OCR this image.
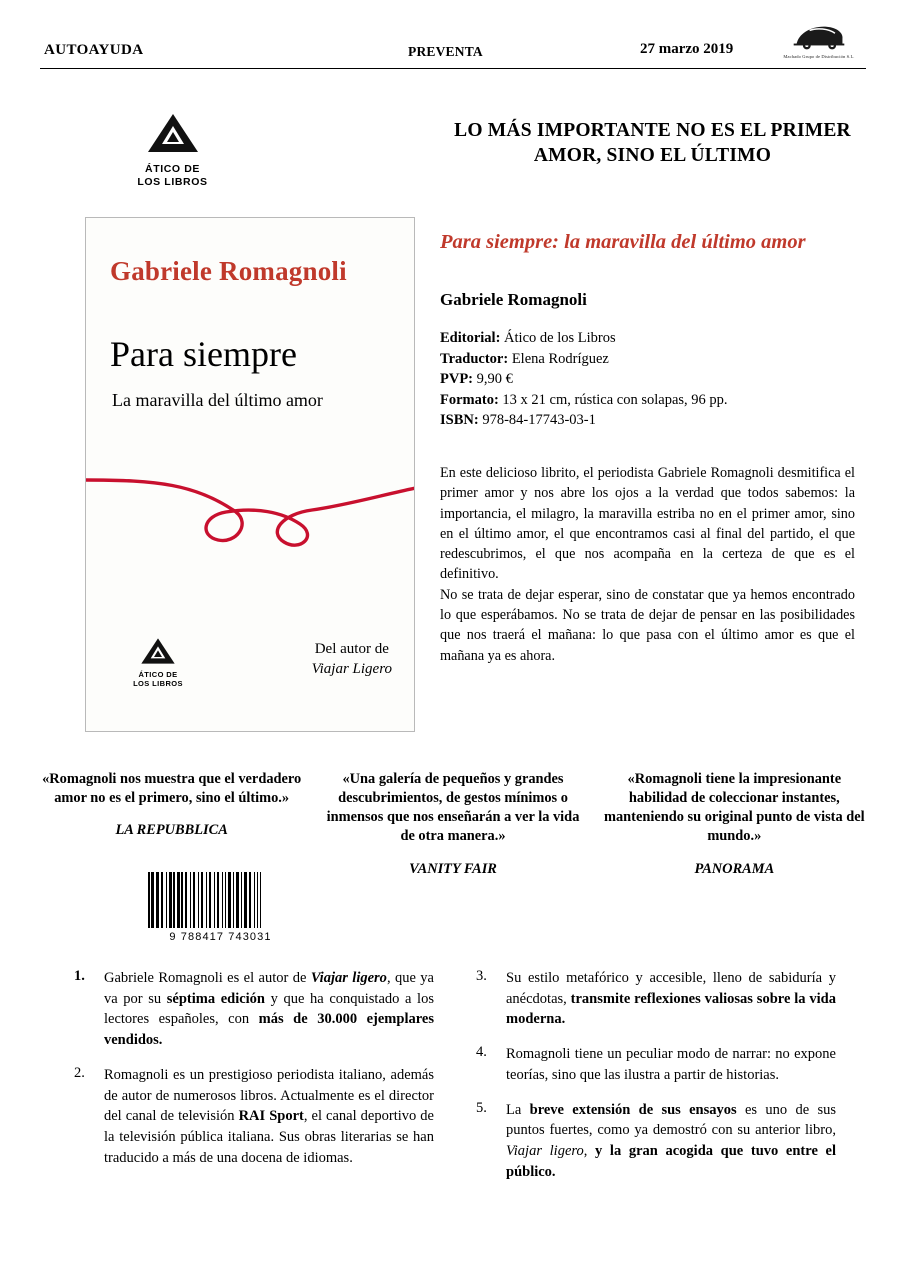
AUTOAYUDA	PREVENTA	27 marzo 2019	Machado Grupo de Distribución S.L.
ÁTICO DE
LOS LIBROS
LO MÁS IMPORTANTE NO ES EL PRIMER AMOR, SINO EL ÚLTIMO
Gabriele Romagnoli
Para siempre
La maravilla del último amor
ÁTICO DE
LOS LIBROS
Del autor de
Viajar Ligero
Para siempre: la maravilla del último amor
Gabriele Romagnoli
Editorial: Ático de los Libros
Traductor: Elena Rodríguez
PVP: 9,90 €
Formato: 13 x 21 cm, rústica con solapas, 96 pp.
ISBN: 978-84-17743-03-1

En este delicioso librito, el periodista Gabriele Romagnoli desmitifica el primer amor y nos abre los ojos a la verdad que todos sabemos: la importancia, el milagro, la maravilla estriba no en el primer amor, sino en el último amor, el que encontramos casi al final del partido, el que redescubrimos, el que nos acompaña en la certeza de que es el definitivo.

No se trata de dejar esperar, sino de constatar que ya hemos encontrado lo que esperábamos. No se trata de dejar de pensar en las posibilidades que nos traerá el mañana: lo que pasa con el último amor es que el mañana ya es ahora.

«Romagnoli nos muestra que el verdadero amor no es el primero, sino el último.»
LA REPUBBLICA
«Una galería de pequeños y grandes descubrimientos, de gestos mínimos o inmensos que nos enseñarán a ver la vida de otra manera.»
VANITY FAIR
«Romagnoli tiene la impresionante habilidad de coleccionar instantes, manteniendo su original punto de vista del mundo.»
PANORAMA
9 788417 743031
1.	Gabriele Romagnoli es el autor de Viajar ligero, que ya va por su séptima edición y que ha conquistado a los lectores españoles, con más de 30.000 ejemplares vendidos.
2.	Romagnoli es un prestigioso periodista italiano, además de autor de numerosos libros. Actualmente es el director del canal de televisión RAI Sport, el canal deportivo de la televisión pública italiana. Sus obras literarias se han traducido a más de una docena de idiomas.
3.	Su estilo metafórico y accesible, lleno de sabiduría y anécdotas, transmite reflexiones valiosas sobre la vida moderna.
4.	Romagnoli tiene un peculiar modo de narrar: no expone teorías, sino que las ilustra a partir de historias.
5.	La breve extensión de sus ensayos es uno de sus puntos fuertes, como ya demostró con su anterior libro, Viajar ligero, y la gran acogida que tuvo entre el público.
